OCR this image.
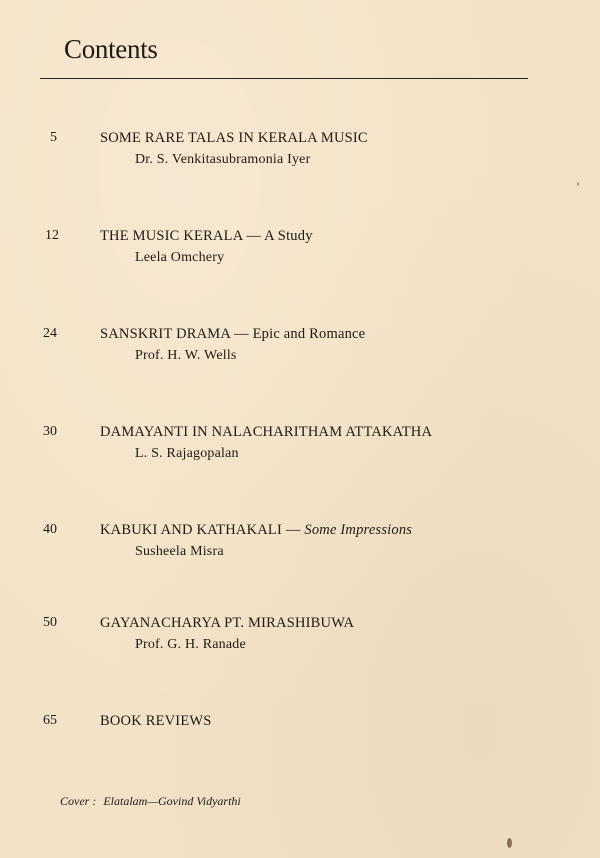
Contents
5	SOME RARE TALAS IN KERALA MUSIC
Dr. S. Venkitasubramonia Iyer
12	THE MUSIC KERALA — A Study
Leela Omchery
24	SANSKRIT DRAMA — Epic and Romance
Prof. H. W. Wells
30	DAMAYANTI IN NALACHARITHAM ATTAKATHA
L. S. Rajagopalan
40	KABUKI AND KATHAKALI — Some Impressions
Susheela Misra
50	GAYANACHARYA PT. MIRASHIBUWA
Prof. G. H. Ranade
65	BOOK REVIEWS
Cover : Elatalam—Govind Vidyarthi
